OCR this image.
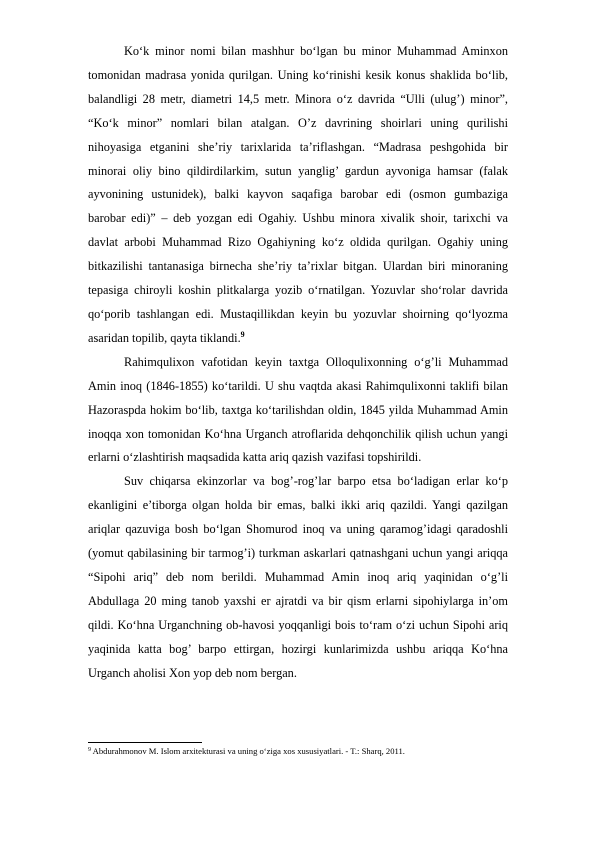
Ko‘k minor nomi bilan mashhur bo‘lgan bu minor Muhammad Aminxon tomonidan madrasa yonida qurilgan. Uning ko‘rinishi kesik konus shaklida bo‘lib, balandligi 28 metr, diametri 14,5 metr. Minora o‘z davrida “Ulli (ulug’) minor”, “Ko‘k minor” nomlari bilan atalgan. O’z davrining shoirlari uning qurilishi nihoyasiga etganini she’riy tarixlarida ta’riflashgan. “Madrasa peshgohida bir minorai oliy bino qildirdilarkim, sutun yanglig’ gardun ayvoniga hamsar (falak ayvonining ustunidek), balki kayvon saqafiga barobar edi (osmon gumbaziga barobar edi)” – deb yozgan edi Ogahiy. Ushbu minora xivalik shoir, tarixchi va davlat arbobi Muhammad Rizo Ogahiyning ko‘z oldida qurilgan. Ogahiy uning bitkazilishi tantanasiga birnecha she’riy ta’rixlar bitgan. Ulardan biri minoraning tepasiga chiroyli koshin plitkalarga yozib o‘rnatilgan. Yozuvlar sho‘rolar davrida qo‘porib tashlangan edi. Mustaqillikdan keyin bu yozuvlar shoirning qo‘lyozma asaridan topilib, qayta tiklandi.$^9$

Rahimqulixon vafotidan keyin taxtga Olloqulixonning o‘g’li Muhammad Amin inoq (1846-1855) ko‘tarildi. U shu vaqtda akasi Rahimqulixonni taklifi bilan Hazoraspda hokim bo‘lib, taxtga ko‘tarilishdan oldin, 1845 yilda Muhammad Amin inoqqa xon tomonidan Ko‘hna Urganch atroflarida dehqonchilik qilish uchun yangi erlarni o‘zlashtirish maqsadida katta ariq qazish vazifasi topshirildi.

Suv chiqarsa ekinzorlar va bog’-rog’lar barpo etsa bo‘ladigan erlar ko‘p ekanligini e’tiborga olgan holda bir emas, balki ikki ariq qazildi. Yangi qazilgan ariqlar qazuviga bosh bo‘lgan Shomurod inoq va uning qaramog’idagi qaradoshli (yomut qabilasining bir tarmog’i) turkman askarlari qatnashgani uchun yangi ariqqa “Sipohi ariq” deb nom berildi. Muhammad Amin inoq ariq yaqinidan o‘g’li Abdullaga 20 ming tanob yaxshi er ajratdi va bir qism erlarni sipohiylarga in’om qildi. Ko‘hna Urganchning ob-havosi yoqqanligi bois to‘ram o‘zi uchun Sipohi ariq yaqinida katta bog’ barpo ettirgan, hozirgi kunlarimizda ushbu ariqqa Ko‘hna Urganch aholisi Xon yop deb nom bergan.

$^9$ Abdurahmonov M. Islom arxitekturasi va uning o‘ziga xos xususiyatlari. - T.: Sharq, 2011.
